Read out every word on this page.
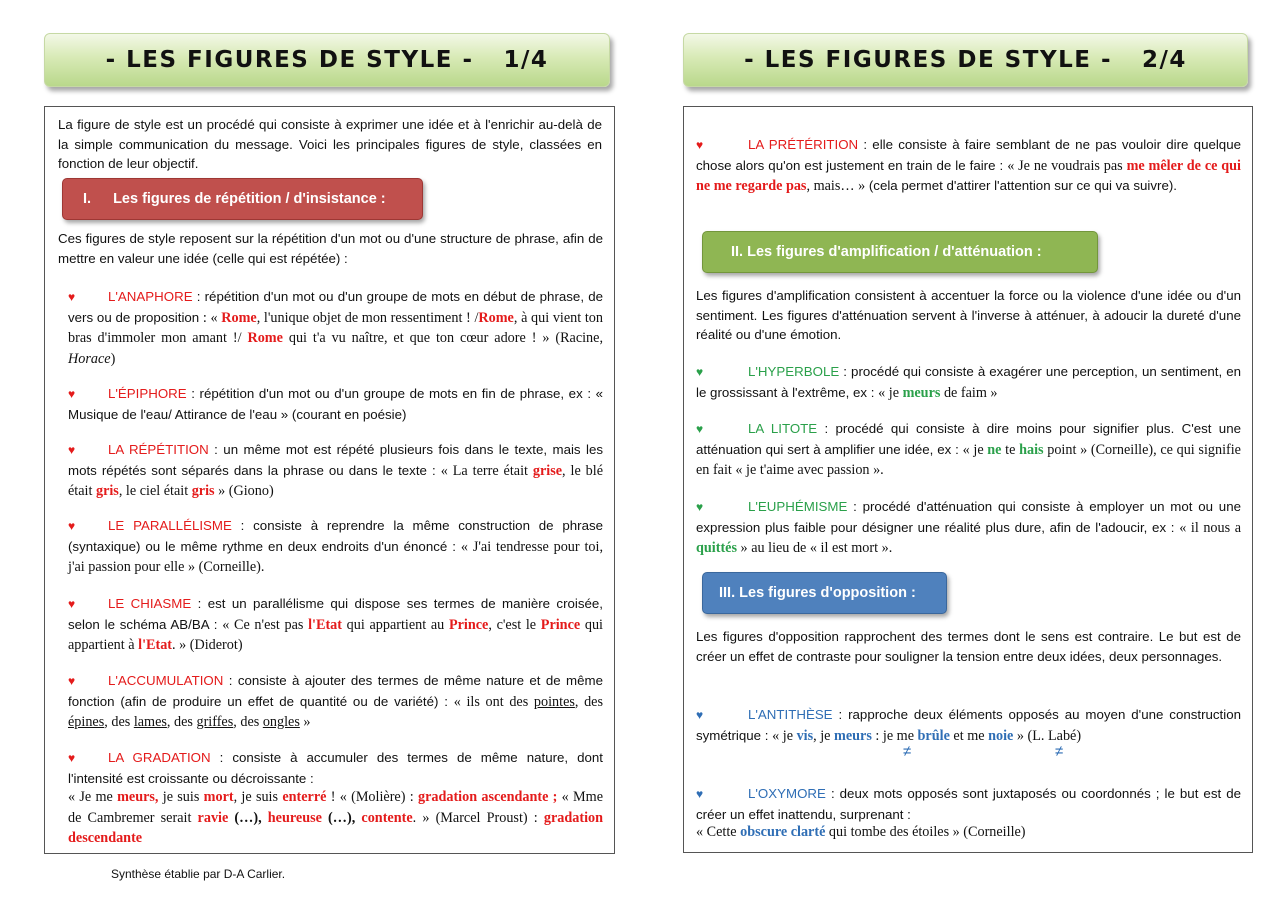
- LES FIGURES DE STYLE - 1/4
La figure de style est un procédé qui consiste à exprimer une idée et à l'enrichir au-delà de la simple communication du message. Voici les principales figures de style, classées en fonction de leur objectif.
I. Les figures de répétition / d'insistance :
Ces figures de style reposent sur la répétition d'un mot ou d'une structure de phrase, afin de mettre en valeur une idée (celle qui est répétée) :
♥ L'ANAPHORE : répétition d'un mot ou d'un groupe de mots en début de phrase, de vers ou de proposition : « Rome, l'unique objet de mon ressentiment ! /Rome, à qui vient ton bras d'immoler mon amant !/ Rome qui t'a vu naître, et que ton cœur adore ! » (Racine, Horace)
♥ L'ÉPIPHORE : répétition d'un mot ou d'un groupe de mots en fin de phrase, ex : « Musique de l'eau/ Attirance de l'eau » (courant en poésie)
♥ LA RÉPÉTITION : un même mot est répété plusieurs fois dans le texte, mais les mots répétés sont séparés dans la phrase ou dans le texte : « La terre était grise, le blé était gris, le ciel était gris » (Giono)
♥ LE PARALLÉLISME : consiste à reprendre la même construction de phrase (syntaxique) ou le même rythme en deux endroits d'un énoncé : « J'ai tendresse pour toi, j'ai passion pour elle » (Corneille).
♥ LE CHIASME : est un parallélisme qui dispose ses termes de manière croisée, selon le schéma AB/BA : « Ce n'est pas l'Etat qui appartient au Prince, c'est le Prince qui appartient à l'Etat. » (Diderot)
♥ L'ACCUMULATION : consiste à ajouter des termes de même nature et de même fonction (afin de produire un effet de quantité ou de variété) : « ils ont des pointes, des épines, des lames, des griffes, des ongles »
♥ LA GRADATION : consiste à accumuler des termes de même nature, dont l'intensité est croissante ou décroissante :
« Je me meurs, je suis mort, je suis enterré ! « (Molière) : gradation ascendante ; « Mme de Cambremer serait ravie (…), heureuse (…), contente. » (Marcel Proust) : gradation descendante
Synthèse établie par D-A Carlier.
- LES FIGURES DE STYLE - 2/4
♥	LA PRÉTÉRITION : elle consiste à faire semblant de ne pas vouloir dire quelque chose alors qu'on est justement en train de le faire : « Je ne voudrais pas me mêler de ce qui ne me regarde pas, mais… » (cela permet d'attirer l'attention sur ce qui va suivre).
II. Les figures d'amplification / d'atténuation :
Les figures d'amplification consistent à accentuer la force ou la violence d'une idée ou d'un sentiment. Les figures d'atténuation servent à l'inverse à atténuer, à adoucir la dureté d'une réalité ou d'une émotion.
♥	L'HYPERBOLE : procédé qui consiste à exagérer une perception, un sentiment, en le grossissant à l'extrême, ex : « je meurs de faim »
♥	LA LITOTE : procédé qui consiste à dire moins pour signifier plus. C'est une atténuation qui sert à amplifier une idée, ex : « je ne te hais point » (Corneille), ce qui signifie en fait « je t'aime avec passion ».
♥	L'EUPHÉMISME : procédé d'atténuation qui consiste à employer un mot ou une expression plus faible pour désigner une réalité plus dure, afin de l'adoucir, ex : « il nous a quittés » au lieu de « il est mort ».
III. Les figures d'opposition :
Les figures d'opposition rapprochent des termes dont le sens est contraire. Le but est de créer un effet de contraste pour souligner la tension entre deux idées, deux personnages.
♥	L'ANTITHÈSE : rapproche deux éléments opposés au moyen d'une construction symétrique : « je vis, je meurs : je me brûle et me noie » (L. Labé)
≠	≠
♥	L'OXYMORE : deux mots opposés sont juxtaposés ou coordonnés ; le but est de créer un effet inattendu, surprenant :
« Cette obscure clarté qui tombe des étoiles » (Corneille)
